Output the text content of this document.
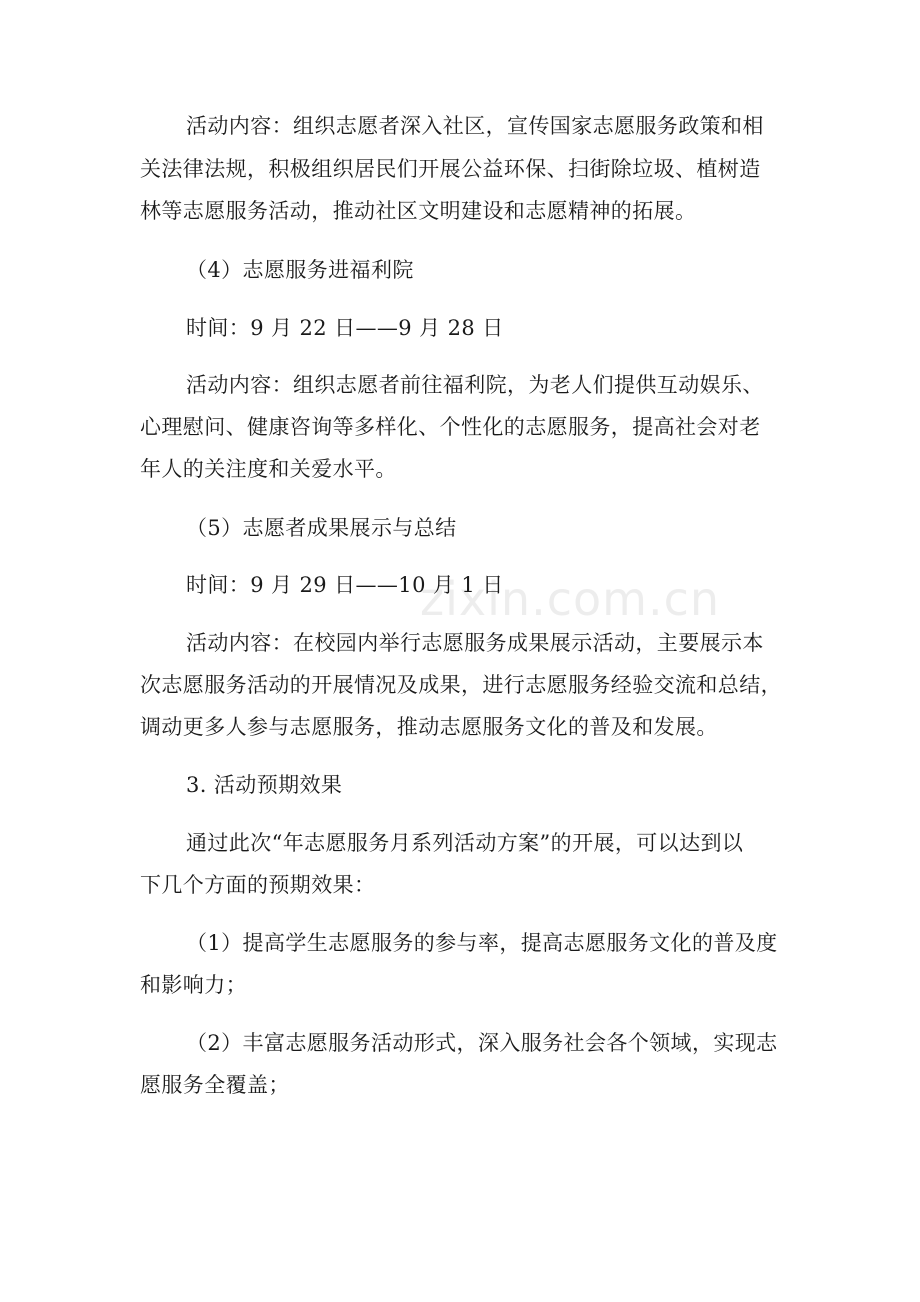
zixin.com.cn
活动内容：组织志愿者深入社区，宣传国家志愿服务政策和相
关法律法规，积极组织居民们开展公益环保、扫街除垃圾、植树造
林等志愿服务活动，推动社区文明建设和志愿精神的拓展。
（4）志愿服务进福利院
时间：9 月 22 日——9 月 28 日
活动内容：组织志愿者前往福利院，为老人们提供互动娱乐、
心理慰问、健康咨询等多样化、个性化的志愿服务，提高社会对老
年人的关注度和关爱水平。
（5）志愿者成果展示与总结
时间：9 月 29 日——10 月 1 日
活动内容：在校园内举行志愿服务成果展示活动，主要展示本
次志愿服务活动的开展情况及成果，进行志愿服务经验交流和总结，
调动更多人参与志愿服务，推动志愿服务文化的普及和发展。
3. 活动预期效果
通过此次“年志愿服务月系列活动方案”的开展，可以达到以
下几个方面的预期效果：
（1）提高学生志愿服务的参与率，提高志愿服务文化的普及度
和影响力；
（2）丰富志愿服务活动形式，深入服务社会各个领域，实现志
愿服务全覆盖；
